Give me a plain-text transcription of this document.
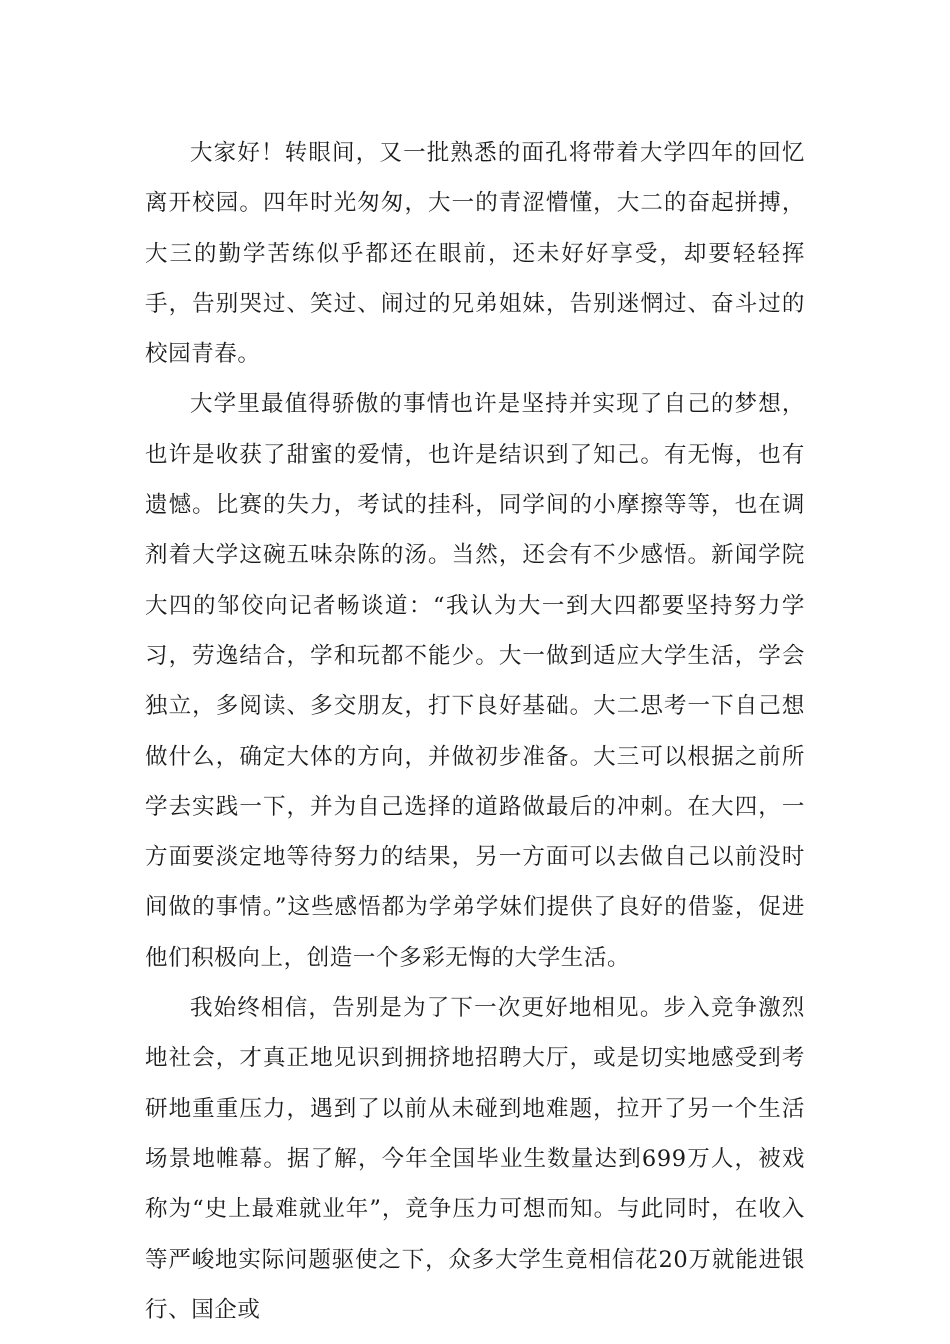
大家好！转眼间，又一批熟悉的面孔将带着大学四年的回忆离开校园。四年时光匆匆，大一的青涩懵懂，大二的奋起拼搏，大三的勤学苦练似乎都还在眼前，还未好好享受，却要轻轻挥手，告别哭过、笑过、闹过的兄弟姐妹，告别迷惘过、奋斗过的校园青春。

大学里最值得骄傲的事情也许是坚持并实现了自己的梦想，也许是收获了甜蜜的爱情，也许是结识到了知己。有无悔，也有遗憾。比赛的失力，考试的挂科，同学间的小摩擦等等，也在调剂着大学这碗五味杂陈的汤。当然，还会有不少感悟。新闻学院大四的邹佼向记者畅谈道：“我认为大一到大四都要坚持努力学习，劳逸结合，学和玩都不能少。大一做到适应大学生活，学会独立，多阅读、多交朋友，打下良好基础。大二思考一下自己想做什么，确定大体的方向，并做初步准备。大三可以根据之前所学去实践一下，并为自己选择的道路做最后的冲刺。在大四，一方面要淡定地等待努力的结果，另一方面可以去做自己以前没时间做的事情。”这些感悟都为学弟学妹们提供了良好的借鉴，促进他们积极向上，创造一个多彩无悔的大学生活。

我始终相信，告别是为了下一次更好地相见。步入竞争激烈地社会，才真正地见识到拥挤地招聘大厅，或是切实地感受到考研地重重压力，遇到了以前从未碰到地难题，拉开了另一个生活场景地帷幕。据了解，今年全国毕业生数量达到699万人，被戏称为“史上最难就业年”，竞争压力可想而知。与此同时，在收入等严峻地实际问题驱使之下，众多大学生竟相信花20万就能进银行、国企或
